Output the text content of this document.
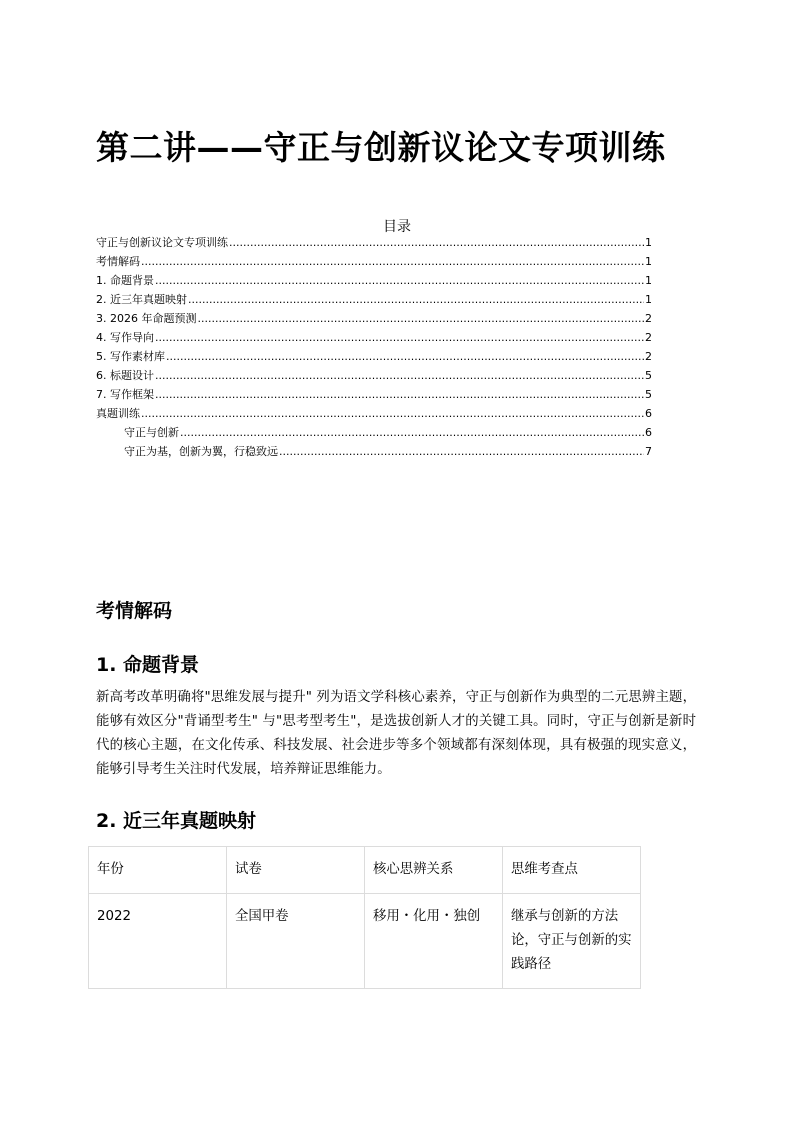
第二讲——守正与创新议论文专项训练
目录
守正与创新议论文专项训练 .....	1
考情解码 .....	1
1. 命题背景 .....	1
2. 近三年真题映射 .....	1
3. 2026 年命题预测 .....	2
4. 写作导向 .....	2
5. 写作素材库 .....	2
6. 标题设计 .....	5
7. 写作框架 .....	5
真题训练 .....	6
守正与创新 .....	6
守正为基，创新为翼，行稳致远 .....	7
考情解码
1. 命题背景
新高考改革明确将"思维发展与提升" 列为语文学科核心素养，守正与创新作为典型的二元思辨主题，能够有效区分"背诵型考生" 与"思考型考生"，是选拔创新人才的关键工具。同时，守正与创新是新时代的核心主题，在文化传承、科技发展、社会进步等多个领域都有深刻体现，具有极强的现实意义，能够引导考生关注时代发展，培养辩证思维能力。
2. 近三年真题映射
年份	试卷	核心思辨关系	思维考查点
2022	全国甲卷	移用・化用・独创	继承与创新的方法论，守正与创新的实践路径
